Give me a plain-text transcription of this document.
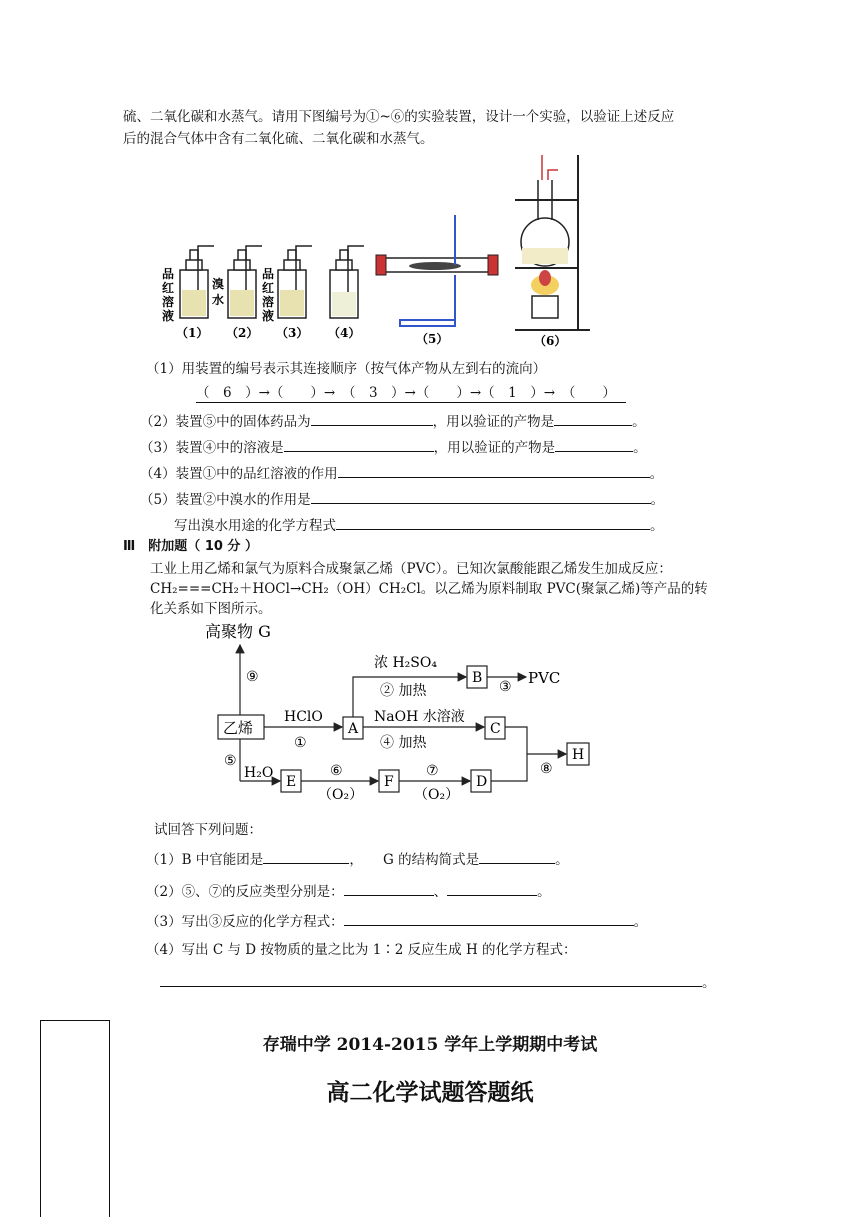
硫、二氧化碳和水蒸气。请用下图编号为①~⑥的实验装置，设计一个实验，以验证上述反应
后的混合气体中含有二氧化硫、二氧化碳和水蒸气。
品
红
溶
液
溴
水
品
红
溶
液
（1） （2） （3） （4）	（5）	（6）
（1）用装置的编号表示其连接顺序（按气体产物从左到右的流向）
（　6　）→（　　）→　（　3　）→（　　）→（　1　）→　（　　）
（2）装置⑤中的固体药品为	，用以验证的产物是	。
（3）装置④中的溶液是	，用以验证的产物是	。
（4）装置①中的品红溶液的作用	。
（5）装置②中溴水的作用是	。
写出溴水用途的化学方程式	。
Ⅲ　附加题（ 10 分 ）
工业上用乙烯和氯气为原料合成聚氯乙烯（PVC）。已知次氯酸能跟乙烯发生加成反应：
CH₂===CH₂＋HOCl→CH₂（OH）CH₂Cl。以乙烯为原料制取 PVC(聚氯乙烯)等产品的转
化关系如下图所示。
高聚物 G
⑨
乙烯
HClO
①
A
浓 H₂SO₄
② 加热
B
③ PVC
NaOH 水溶液
④ 加热
C
⑤
H₂O
E
⑥
（O₂）
F
⑦
（O₂）
D
⑧
H
试回答下列问题：
（1）B 中官能团是	，　　G 的结构简式是	。
（2）⑤、⑦的反应类型分别是：	、	。
（3）写出③反应的化学方程式：	。
（4）写出 C 与 D 按物质的量之比为 1∶2 反应生成 H 的化学方程式：
。
存瑞中学 2014-2015 学年上学期期中考试
高二化学试题答题纸
